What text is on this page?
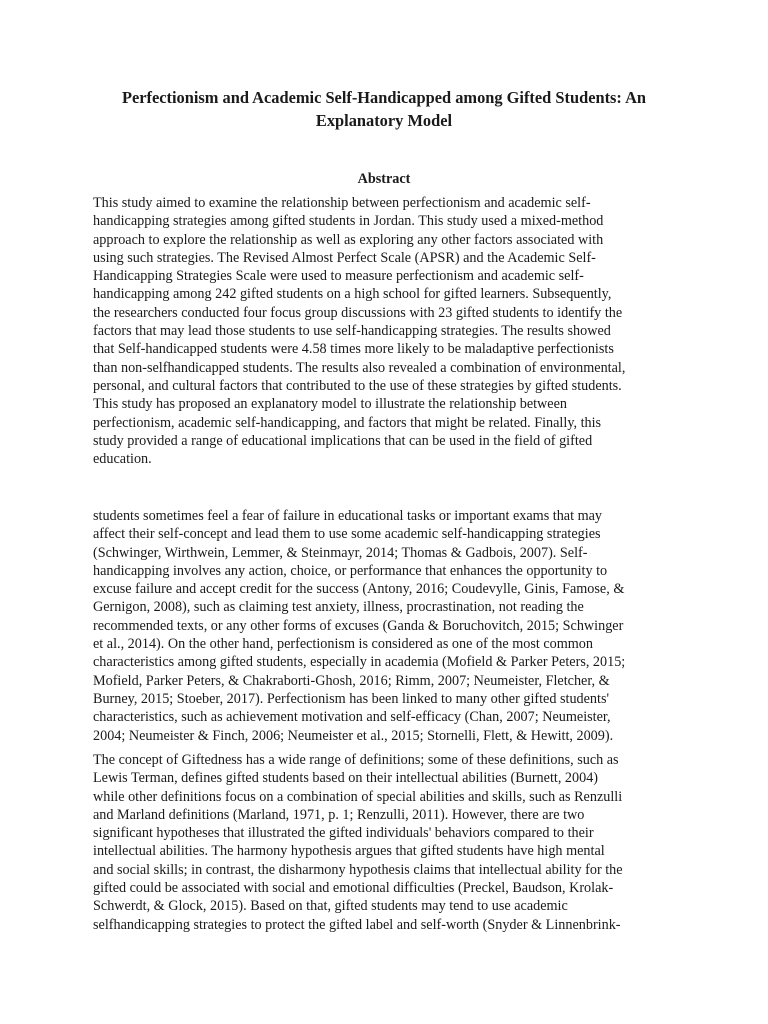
Perfectionism and Academic Self-Handicapped among Gifted Students: An
Explanatory Model
Abstract

This study aimed to examine the relationship between perfectionism and academic self-
handicapping strategies among gifted students in Jordan. This study used a mixed-method
approach to explore the relationship as well as exploring any other factors associated with
using such strategies. The Revised Almost Perfect Scale (APSR) and the Academic Self-
Handicapping Strategies Scale were used to measure perfectionism and academic self-
handicapping among 242 gifted students on a high school for gifted learners. Subsequently,
the researchers conducted four focus group discussions with 23 gifted students to identify the
factors that may lead those students to use self-handicapping strategies. The results showed
that Self-handicapped students were 4.58 times more likely to be maladaptive perfectionists
than non-selfhandicapped students. The results also revealed a combination of environmental,
personal, and cultural factors that contributed to the use of these strategies by gifted students.
This study has proposed an explanatory model to illustrate the relationship between
perfectionism, academic self-handicapping, and factors that might be related. Finally, this
study provided a range of educational implications that can be used in the field of gifted
education.

students sometimes feel a fear of failure in educational tasks or important exams that may
affect their self-concept and lead them to use some academic self-handicapping strategies
(Schwinger, Wirthwein, Lemmer, & Steinmayr, 2014; Thomas & Gadbois, 2007). Self-
handicapping involves any action, choice, or performance that enhances the opportunity to
excuse failure and accept credit for the success (Antony, 2016; Coudevylle, Ginis, Famose, &
Gernigon, 2008), such as claiming test anxiety, illness, procrastination, not reading the
recommended texts, or any other forms of excuses (Ganda & Boruchovitch, 2015; Schwinger
et al., 2014). On the other hand, perfectionism is considered as one of the most common
characteristics among gifted students, especially in academia (Mofield & Parker Peters, 2015;
Mofield, Parker Peters, & Chakraborti-Ghosh, 2016; Rimm, 2007; Neumeister, Fletcher, &
Burney, 2015; Stoeber, 2017). Perfectionism has been linked to many other gifted students'
characteristics, such as achievement motivation and self-efficacy (Chan, 2007; Neumeister,
2004; Neumeister & Finch, 2006; Neumeister et al., 2015; Stornelli, Flett, & Hewitt, 2009).

The concept of Giftedness has a wide range of definitions; some of these definitions, such as
Lewis Terman, defines gifted students based on their intellectual abilities (Burnett, 2004)
while other definitions focus on a combination of special abilities and skills, such as Renzulli
and Marland definitions (Marland, 1971, p. 1; Renzulli, 2011). However, there are two
significant hypotheses that illustrated the gifted individuals' behaviors compared to their
intellectual abilities. The harmony hypothesis argues that gifted students have high mental
and social skills; in contrast, the disharmony hypothesis claims that intellectual ability for the
gifted could be associated with social and emotional difficulties (Preckel, Baudson, Krolak-
Schwerdt, & Glock, 2015). Based on that, gifted students may tend to use academic
selfhandicapping strategies to protect the gifted label and self-worth (Snyder & Linnenbrink-
